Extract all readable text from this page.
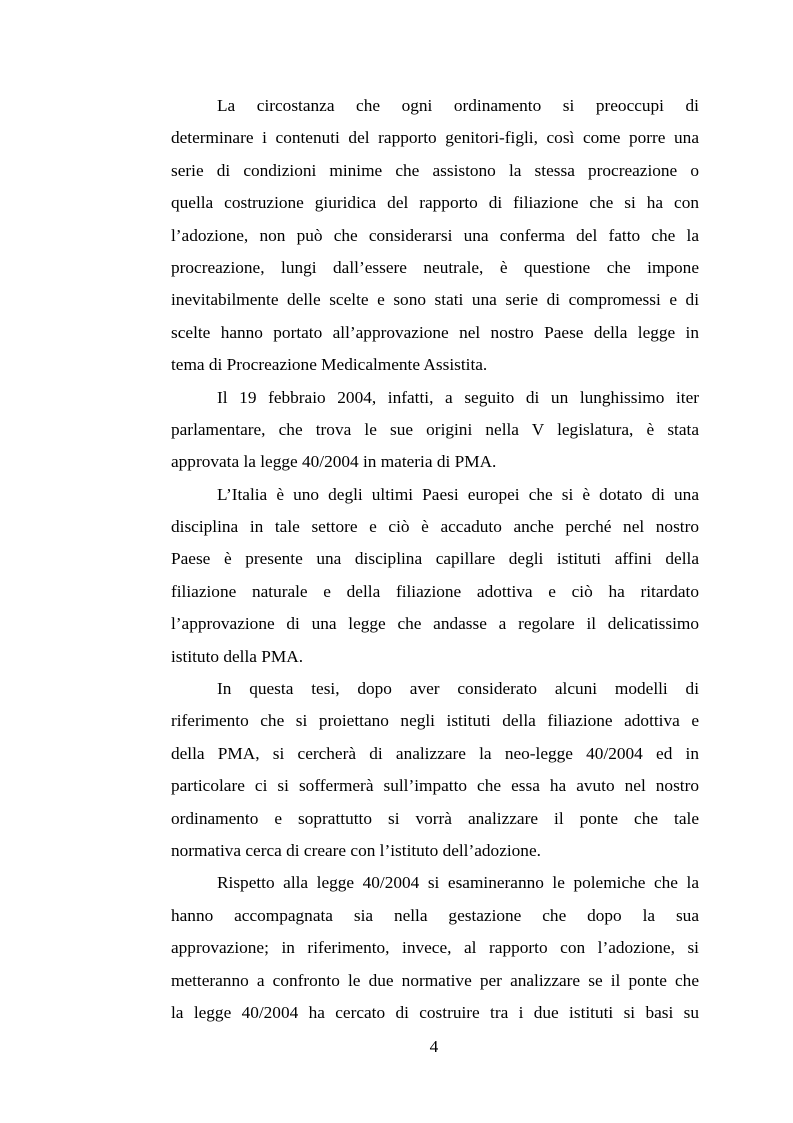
La circostanza che ogni ordinamento si preoccupi di
determinare i contenuti del rapporto genitori-figli, così come porre una
serie di condizioni minime che assistono la stessa procreazione o
quella costruzione giuridica del rapporto di filiazione che si ha con
l’adozione, non può che considerarsi una conferma del fatto che la
procreazione, lungi dall’essere neutrale, è questione che impone
inevitabilmente delle scelte e sono stati una serie di compromessi e di
scelte hanno portato all’approvazione nel nostro Paese della legge in
tema di Procreazione Medicalmente Assistita.
Il 19 febbraio 2004, infatti, a seguito di un lunghissimo iter
parlamentare, che trova le sue origini nella V legislatura, è stata
approvata la legge 40/2004 in materia di PMA.
L’Italia è uno degli ultimi Paesi europei che si è dotato di una
disciplina in tale settore e ciò è accaduto anche perché nel nostro
Paese è presente una disciplina capillare degli istituti affini della
filiazione naturale e della filiazione adottiva e ciò ha ritardato
l’approvazione di una legge che andasse a regolare il delicatissimo
istituto della PMA.
In questa tesi, dopo aver considerato alcuni modelli di
riferimento che si proiettano negli istituti della filiazione adottiva e
della PMA, si cercherà di analizzare la neo-legge 40/2004 ed in
particolare ci si soffermerà sull’impatto che essa ha avuto nel nostro
ordinamento e soprattutto si vorrà analizzare il ponte che tale
normativa cerca di creare con l’istituto dell’adozione.
Rispetto alla legge 40/2004 si esamineranno le polemiche che la
hanno accompagnata sia nella gestazione che dopo la sua
approvazione; in riferimento, invece, al rapporto con l’adozione, si
metteranno a confronto le due normative per analizzare se il ponte che
la legge 40/2004 ha cercato di costruire tra i due istituti si basi su
4
